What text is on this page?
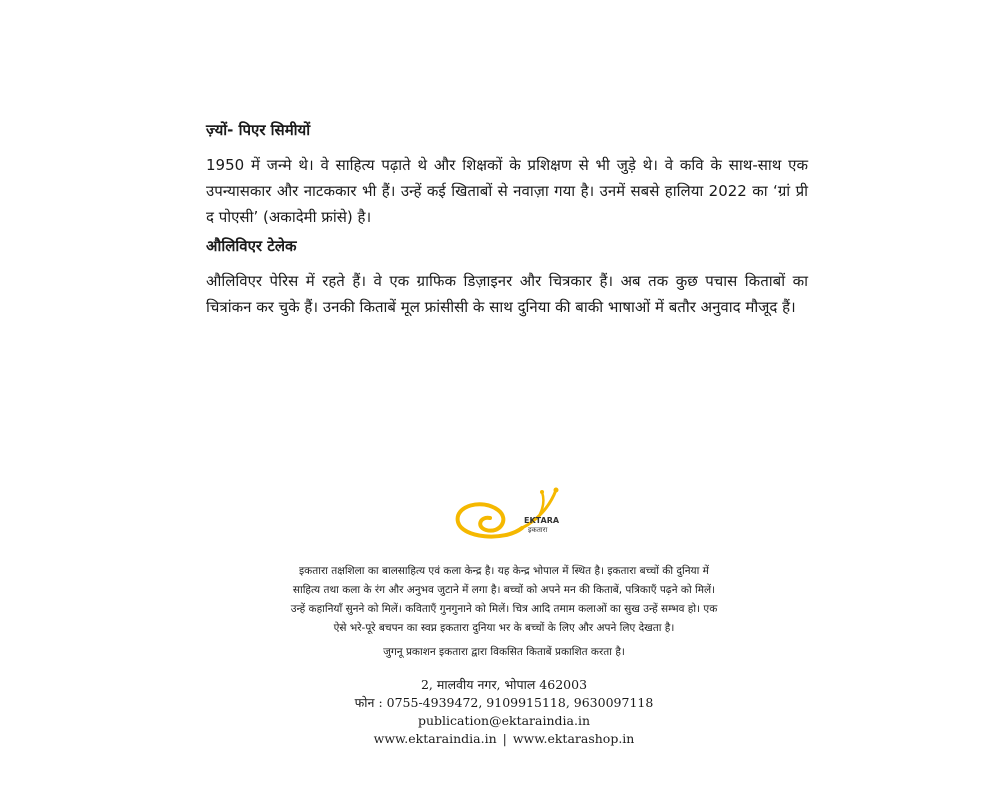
ज़्यों- पिएर सिमीयों

1950 में जन्मे थे। वे साहित्य पढ़ाते थे और शिक्षकों के प्रशिक्षण से भी जुड़े थे। वे कवि के साथ-साथ एक उपन्यासकार और नाटककार भी हैं। उन्हें कई खिताबों से नवाज़ा गया है। उनमें सबसे हालिया 2022 का ‘ग्रां प्री द पोएसी’ (अकादेमी फ्रांसे) है।

औलिविएर टेलेक

औलिविएर पेरिस में रहते हैं। वे एक ग्राफिक डिज़ाइनर और चित्रकार हैं। अब तक कुछ पचास किताबों का चित्रांकन कर चुके हैं। उनकी किताबें मूल फ्रांसीसी के साथ दुनिया की बाकी भाषाओं में बतौर अनुवाद मौजूद हैं।

EKTARA
इकतारा
इकतारा तक्षशिला का बालसाहित्य एवं कला केन्द्र है। यह केन्द्र भोपाल में स्थित है। इकतारा बच्चों की दुनिया में
साहित्य तथा कला के रंग और अनुभव जुटाने में लगा है। बच्चों को अपने मन की किताबें, पत्रिकाएँ पढ़ने को मिलें।
उन्हें कहानियाँ सुनने को मिलें। कविताएँ गुनगुनाने को मिलें। चित्र आदि तमाम कलाओं का सुख उन्हें सम्भव हो। एक
ऐसे भरे-पूरे बचपन का स्वप्न इकतारा दुनिया भर के बच्चों के लिए और अपने लिए देखता है।

जुगनू प्रकाशन इकतारा द्वारा विकसित किताबें प्रकाशित करता है।

2, मालवीय नगर, भोपाल 462003
फोन : 0755-4939472, 9109915118, 9630097118
publication@ektaraindia.in
www.ektaraindia.in | www.ektarashop.in
